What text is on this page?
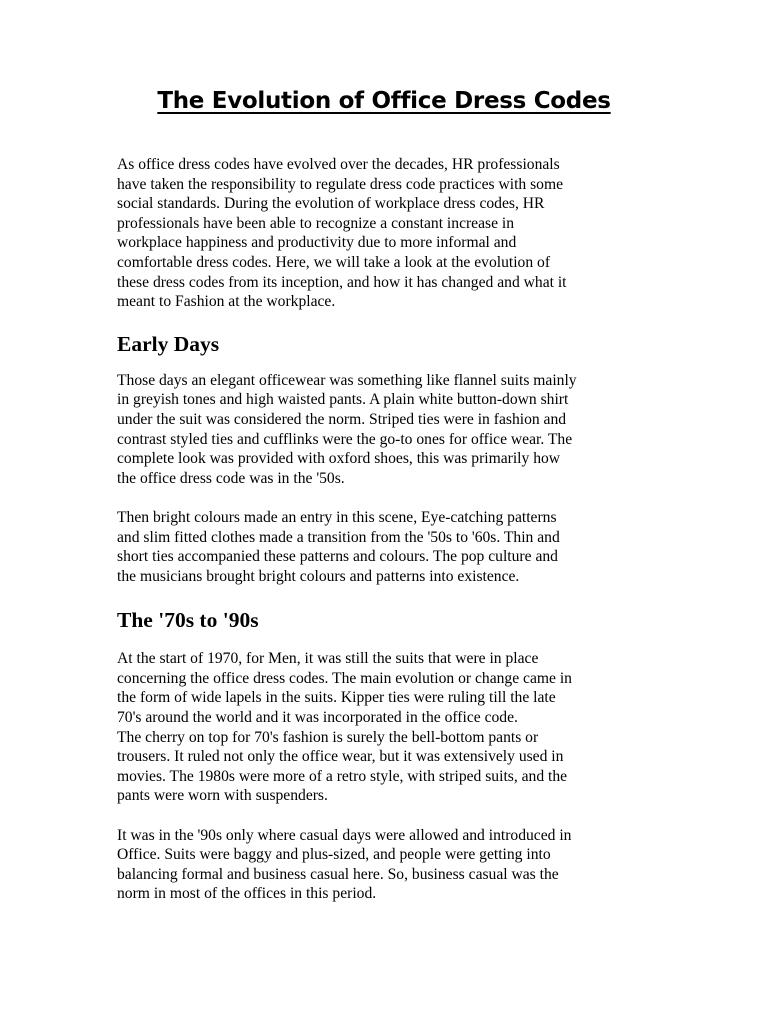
The Evolution of Office Dress Codes

As office dress codes have evolved over the decades, HR professionals
have taken the responsibility to regulate dress code practices with some
social standards. During the evolution of workplace dress codes, HR
professionals have been able to recognize a constant increase in
workplace happiness and productivity due to more informal and
comfortable dress codes. Here, we will take a look at the evolution of
these dress codes from its inception, and how it has changed and what it
meant to Fashion at the workplace.

Early Days

Those days an elegant officewear was something like flannel suits mainly
in greyish tones and high waisted pants. A plain white button-down shirt
under the suit was considered the norm. Striped ties were in fashion and
contrast styled ties and cufflinks were the go-to ones for office wear. The
complete look was provided with oxford shoes, this was primarily how
the office dress code was in the '50s.

Then bright colours made an entry in this scene, Eye-catching patterns
and slim fitted clothes made a transition from the '50s to '60s. Thin and
short ties accompanied these patterns and colours. The pop culture and
the musicians brought bright colours and patterns into existence.

The '70s to '90s

At the start of 1970, for Men, it was still the suits that were in place
concerning the office dress codes. The main evolution or change came in
the form of wide lapels in the suits. Kipper ties were ruling till the late
70's around the world and it was incorporated in the office code.
The cherry on top for 70's fashion is surely the bell-bottom pants or
trousers. It ruled not only the office wear, but it was extensively used in
movies. The 1980s were more of a retro style, with striped suits, and the
pants were worn with suspenders.

It was in the '90s only where casual days were allowed and introduced in
Office. Suits were baggy and plus-sized, and people were getting into
balancing formal and business casual here. So, business casual was the
norm in most of the offices in this period.
